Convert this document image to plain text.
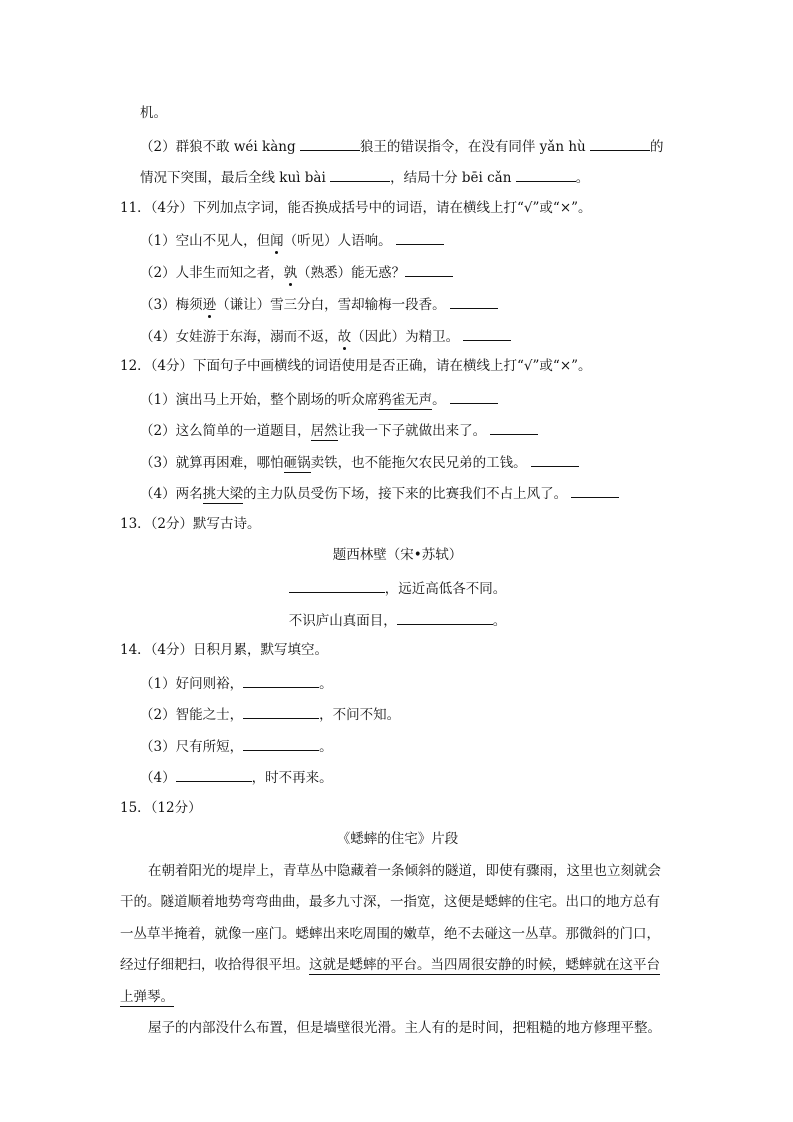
机。
（2）群狼不敢 wéi kàng	狼王的错误指令，在没有同伴 yǎn hù	的
情况下突围，最后全线 kuì bài	，结局十分 bēi cǎn	。
11．（4分）下列加点字词，能否换成括号中的词语，请在横线上打“√”或“×”。
（1）空山不见人，但闻（听见）人语响。
（2）人非生而知之者，孰（熟悉）能无惑？
（3）梅须逊（谦让）雪三分白，雪却输梅一段香。
（4）女娃游于东海，溺而不返，故（因此）为精卫。
12．（4分）下面句子中画横线的词语使用是否正确，请在横线上打“√”或“×”。
（1）演出马上开始，整个剧场的听众席鸦雀无声。
（2）这么简单的一道题目，居然让我一下子就做出来了。
（3）就算再困难，哪怕砸锅卖铁，也不能拖欠农民兄弟的工钱。
（4）两名挑大梁的主力队员受伤下场，接下来的比赛我们不占上风了。
13．（2分）默写古诗。
题西林壁（宋•苏轼）
，远近高低各不同。
不识庐山真面目，	。
14．（4分）日积月累，默写填空。
（1）好问则裕，	。
（2）智能之士，	，不问不知。
（3）尺有所短，	。
（4）	，时不再来。
15．（12分）
《蟋蟀的住宅》片段
在朝着阳光的堤岸上，青草丛中隐藏着一条倾斜的隧道，即使有骤雨，这里也立刻就会
干的。隧道顺着地势弯弯曲曲，最多九寸深，一指宽，这便是蟋蟀的住宅。出口的地方总有
一丛草半掩着，就像一座门。蟋蟀出来吃周围的嫩草，绝不去碰这一丛草。那微斜的门口，
经过仔细耙扫，收拾得很平坦。这就是蟋蟀的平台。当四周很安静的时候，蟋蟀就在这平台
上弹琴。
屋子的内部没什么布置，但是墙壁很光滑。主人有的是时间，把粗糙的地方修理平整。
